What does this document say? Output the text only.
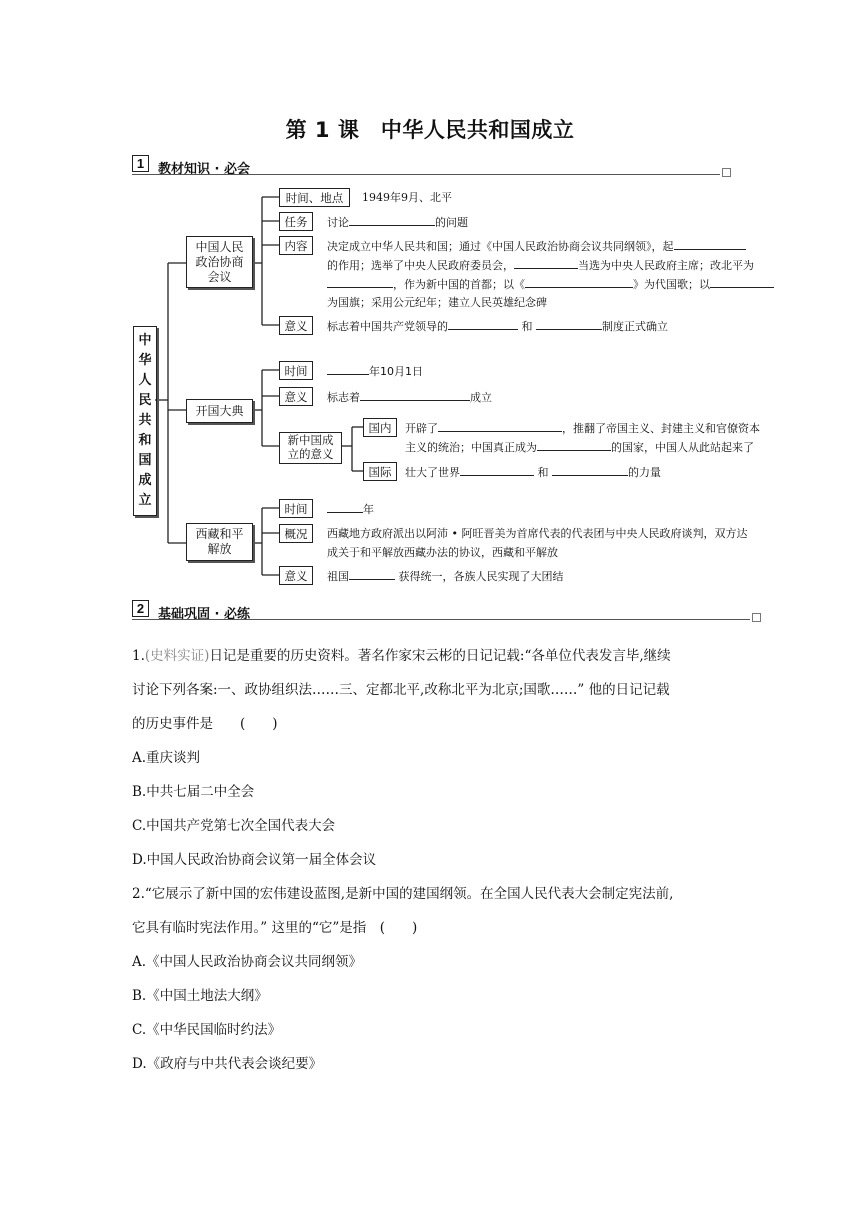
第 1 课　中华人民共和国成立
1	教材知识 · 必会
中华人民共和国成立
中国人民
政治协商
会议
时间、地点	1949年9月、北平
任务	讨论	的问题
内容	决定成立中华人民共和国；通过《中国人民政治协商会议共同纲领》，起
的作用；选举了中央人民政府委员会，	当选为中央人民政府主席；改北平为
，作为新中国的首都；以《	》为代国歌；以
为国旗；采用公元纪年；建立人民英雄纪念碑
意义	标志着中国共产党领导的	和	制度正式确立
开国大典
时间	年10月1日
意义	标志着	成立
新中国成
立的意义
国内	开辟了	，推翻了帝国主义、封建主义和官僚资本
主义的统治；中国真正成为	的国家，中国人从此站起来了
国际	壮大了世界	和	的力量
西藏和平
解放
时间	年
概况	西藏地方政府派出以阿沛 • 阿旺晋美为首席代表的代表团与中央人民政府谈判，双方达
成关于和平解放西藏办法的协议，西藏和平解放
意义	祖国	获得统一，各族人民实现了大团结
2	基础巩固 · 必练
1.(史料实证)日记是重要的历史资料。著名作家宋云彬的日记记载:“各单位代表发言毕,继续
讨论下列各案:一、政协组织法……三、定都北平,改称北平为北京;国歌……” 他的日记记载
的历史事件是　　(　　)
A.重庆谈判
B.中共七届二中全会
C.中国共产党第七次全国代表大会
D.中国人民政治协商会议第一届全体会议
2.“它展示了新中国的宏伟建设蓝图,是新中国的建国纲领。在全国人民代表大会制定宪法前,
它具有临时宪法作用。” 这里的“它”是指　(　　)
A.《中国人民政治协商会议共同纲领》
B.《中国土地法大纲》
C.《中华民国临时约法》
D.《政府与中共代表会谈纪要》
